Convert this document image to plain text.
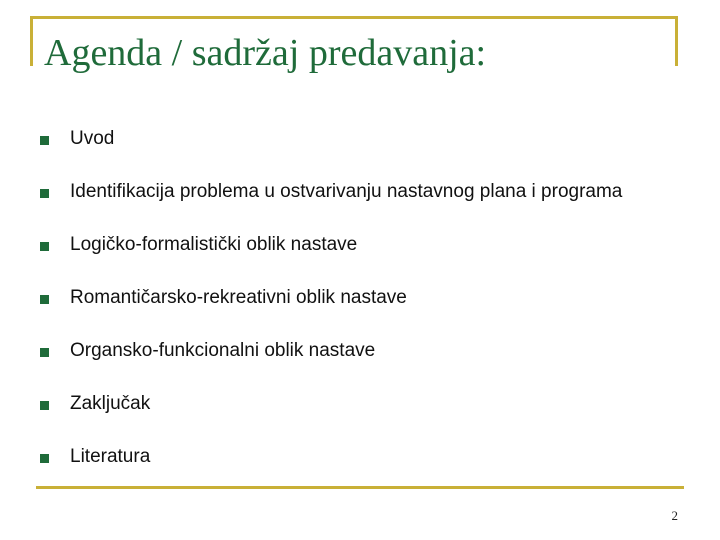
Agenda / sadržaj predavanja:
Uvod
Identifikacija problema u ostvarivanju nastavnog plana i programa
Logičko-formalistički oblik nastave
Romantičarsko-rekreativni oblik nastave
Organsko-funkcionalni oblik nastave
Zaključak
Literatura
2
